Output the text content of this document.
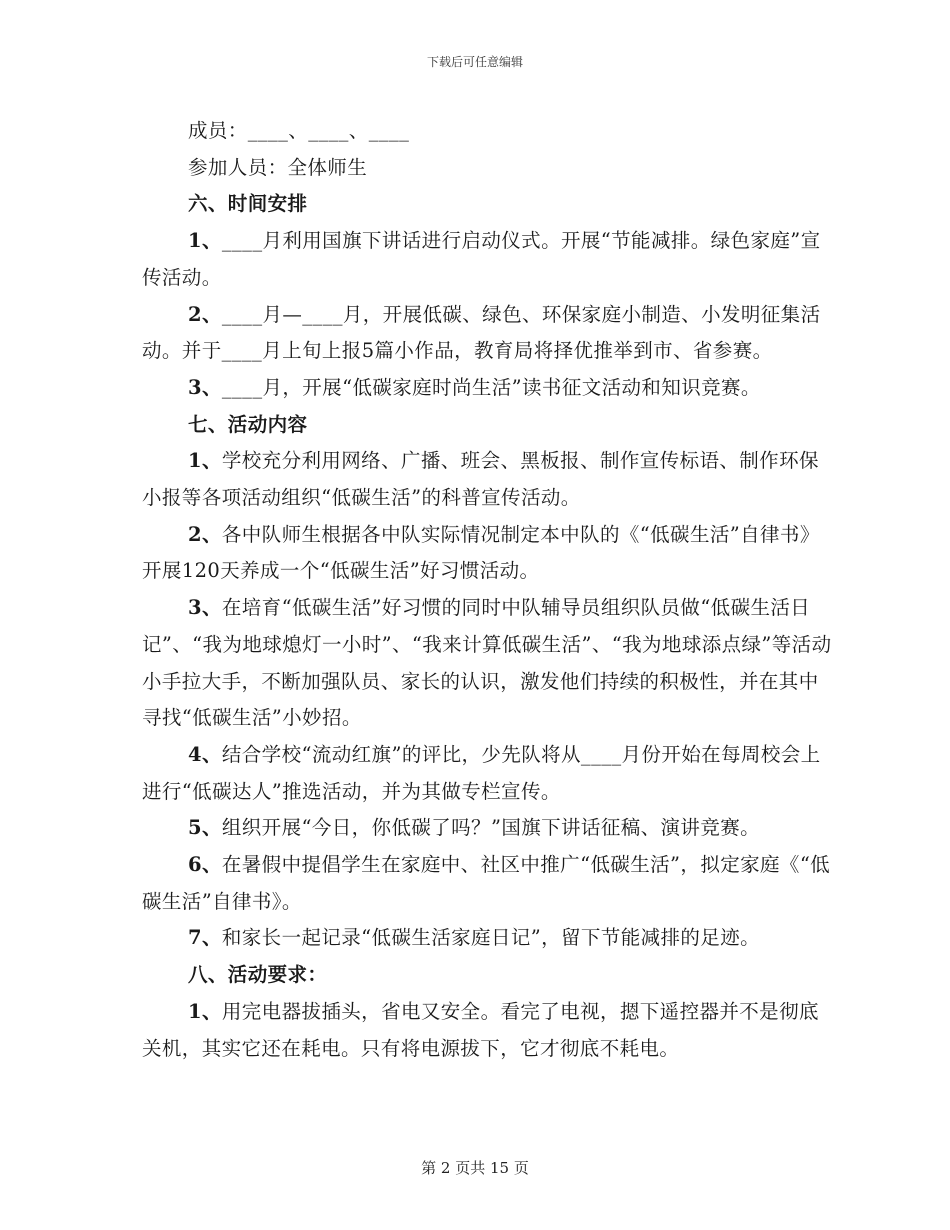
下载后可任意编辑

成员：____、____、____

参加人员：全体师生

六、时间安排

1、____月利用国旗下讲话进行启动仪式。开展“节能减排。绿色家庭”宣传活动。

2、____月—____月，开展低碳、绿色、环保家庭小制造、小发明征集活动。并于____月上旬上报5篇小作品，教育局将择优推举到市、省参赛。

3、____月，开展“低碳家庭时尚生活”读书征文活动和知识竞赛。

七、活动内容

1、学校充分利用网络、广播、班会、黑板报、制作宣传标语、制作环保小报等各项活动组织“低碳生活”的科普宣传活动。

2、各中队师生根据各中队实际情况制定本中队的《“低碳生活”自律书》开展120天养成一个“低碳生活”好习惯活动。

3、在培育“低碳生活”好习惯的同时中队辅导员组织队员做“低碳生活日记”、“我为地球熄灯一小时”、“我来计算低碳生活”、“我为地球添点绿”等活动小手拉大手，不断加强队员、家长的认识，激发他们持续的积极性，并在其中寻找“低碳生活”小妙招。

4、结合学校“流动红旗”的评比，少先队将从____月份开始在每周校会上进行“低碳达人”推选活动，并为其做专栏宣传。

5、组织开展“今日，你低碳了吗？”国旗下讲话征稿、演讲竞赛。

6、在暑假中提倡学生在家庭中、社区中推广“低碳生活”，拟定家庭《“低碳生活”自律书》。

7、和家长一起记录“低碳生活家庭日记”，留下节能减排的足迹。

八、活动要求：

1、用完电器拔插头，省电又安全。看完了电视，摁下遥控器并不是彻底关机，其实它还在耗电。只有将电源拔下，它才彻底不耗电。

第 2 页共 15 页
